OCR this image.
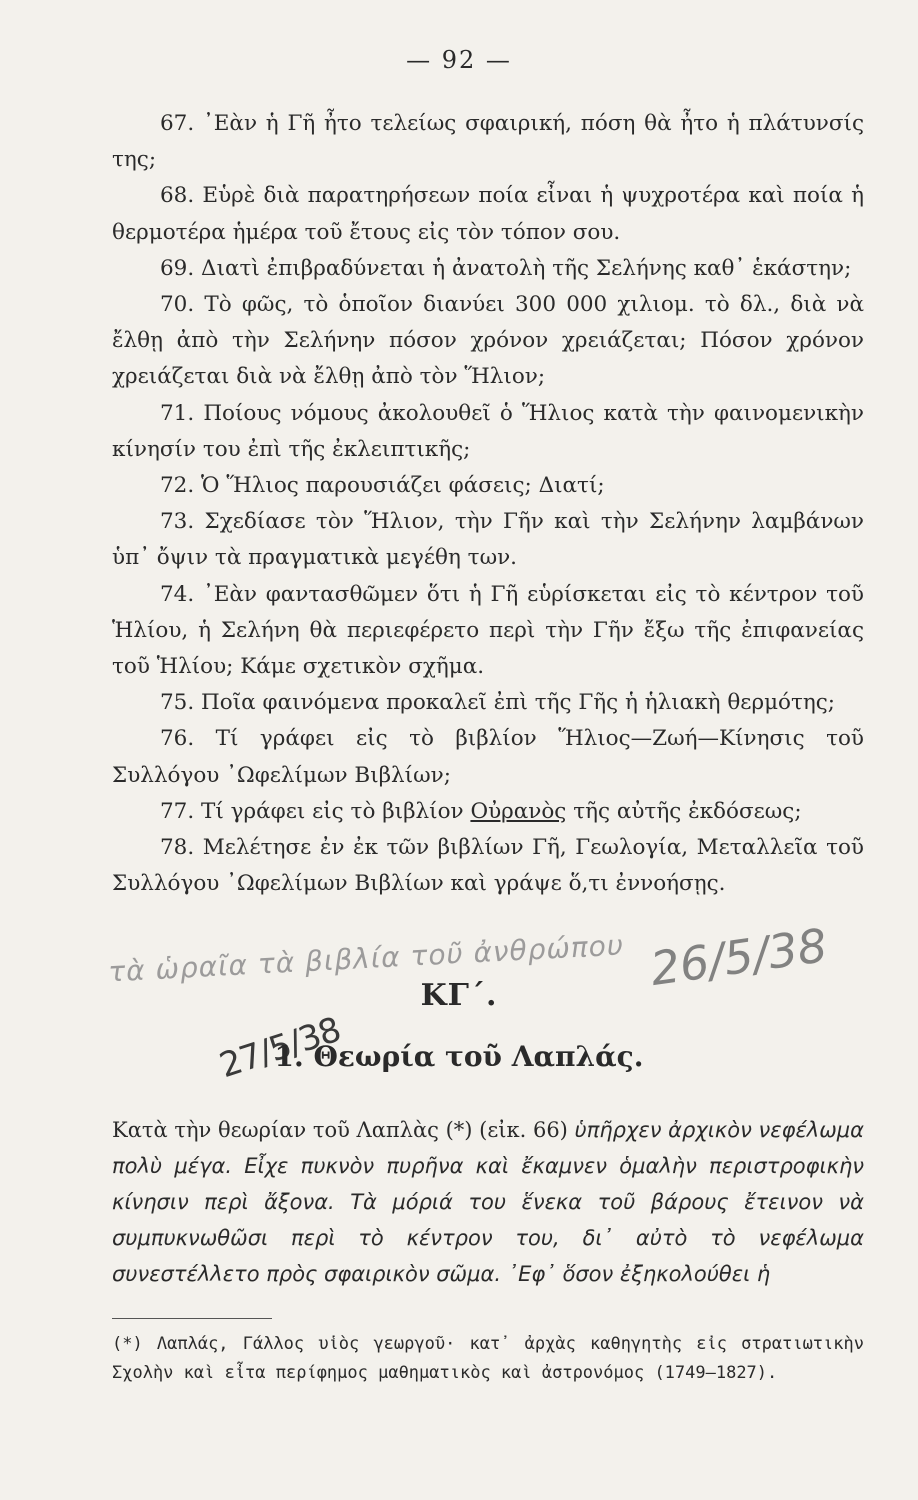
— 92 —

67. ᾿Εὰν ἡ Γῆ ἦτο τελείως σφαιρική, πόση θὰ ἦτο ἡ πλάτυνσίς της;

68. Εὑρὲ διὰ παρατηρήσεων ποία εἶναι ἡ ψυχροτέρα καὶ ποία ἡ θερμοτέρα ἡμέρα τοῦ ἔτους εἰς τὸν τόπον σου.

69. Διατὶ ἐπιβραδύνεται ἡ ἀνατολὴ τῆς Σελήνης καθ᾿ ἑκάστην;

70. Τὸ φῶς, τὸ ὁποῖον διανύει 300 000 χιλιομ. τὸ δλ., διὰ νὰ ἔλθῃ ἀπὸ τὴν Σελήνην πόσον χρόνον χρειάζεται; Πόσον χρόνον χρειάζεται διὰ νὰ ἔλθῃ ἀπὸ τὸν Ἥλιον;

71. Ποίους νόμους ἀκολουθεῖ ὁ Ἥλιος κατὰ τὴν φαινομενικὴν κίνησίν του ἐπὶ τῆς ἐκλειπτικῆς;

72. Ὁ Ἥλιος παρουσιάζει φάσεις; Διατί;

73. Σχεδίασε τὸν Ἥλιον, τὴν Γῆν καὶ τὴν Σελήνην λαμβάνων ὑπ᾿ ὄψιν τὰ πραγματικὰ μεγέθη των.

74. ᾿Εὰν φαντασθῶμεν ὅτι ἡ Γῆ εὑρίσκεται εἰς τὸ κέντρον τοῦ Ἡλίου, ἡ Σελήνη θὰ περιεφέρετο περὶ τὴν Γῆν ἔξω τῆς ἐπιφανείας τοῦ Ἡλίου; Κάμε σχετικὸν σχῆμα.

75. Ποῖα φαινόμενα προκαλεῖ ἐπὶ τῆς Γῆς ἡ ἡλιακὴ θερμότης;

76. Τί γράφει εἰς τὸ βιβλίον Ἥλιος—Ζωή—Κίνησις τοῦ Συλλόγου ᾿Ωφελίμων Βιβλίων;

77. Τί γράφει εἰς τὸ βιβλίον Οὐρανὸς τῆς αὐτῆς ἐκδόσεως;

78. Μελέτησε ἐν ἐκ τῶν βιβλίων Γῆ, Γεωλογία, Μεταλλεῖα τοῦ Συλλόγου ᾿Ωφελίμων Βιβλίων καὶ γράψε ὅ,τι ἐννοήσῃς.

τὰ ὡραῖα τὰ βιβλία τοῦ ἀνθρώπου 26/5/38
27/5/38
ΚΓ΄.
1. Θεωρία τοῦ Λαπλάς.

Κατὰ τὴν θεωρίαν τοῦ Λαπλὰς (*) (εἰκ. 66) ὑπῆρχεν ἀρχικὸν νεφέλωμα πολὺ μέγα. Εἶχε πυκνὸν πυρῆνα καὶ ἔκαμνεν ὁμαλὴν περιστροφικὴν κίνησιν περὶ ἄξονα. Τὰ μόριά του ἕνεκα τοῦ βάρους ἔτεινον νὰ συμπυκνωθῶσι περὶ τὸ κέντρον του, δι᾿ αὐτὸ τὸ νεφέλωμα συνεστέλλετο πρὸς σφαιρικὸν σῶμα. ᾿Εφ᾿ ὅσον ἐξηκολούθει ἡ

(*) Λαπλάς, Γάλλος υἱὸς γεωργοῦ· κατ᾿ ἀρχὰς καθηγητὴς εἰς στρατιωτικὴν Σχολὴν καὶ εἶτα περίφημος μαθηματικὸς καὶ ἀστρονόμος (1749—1827).
